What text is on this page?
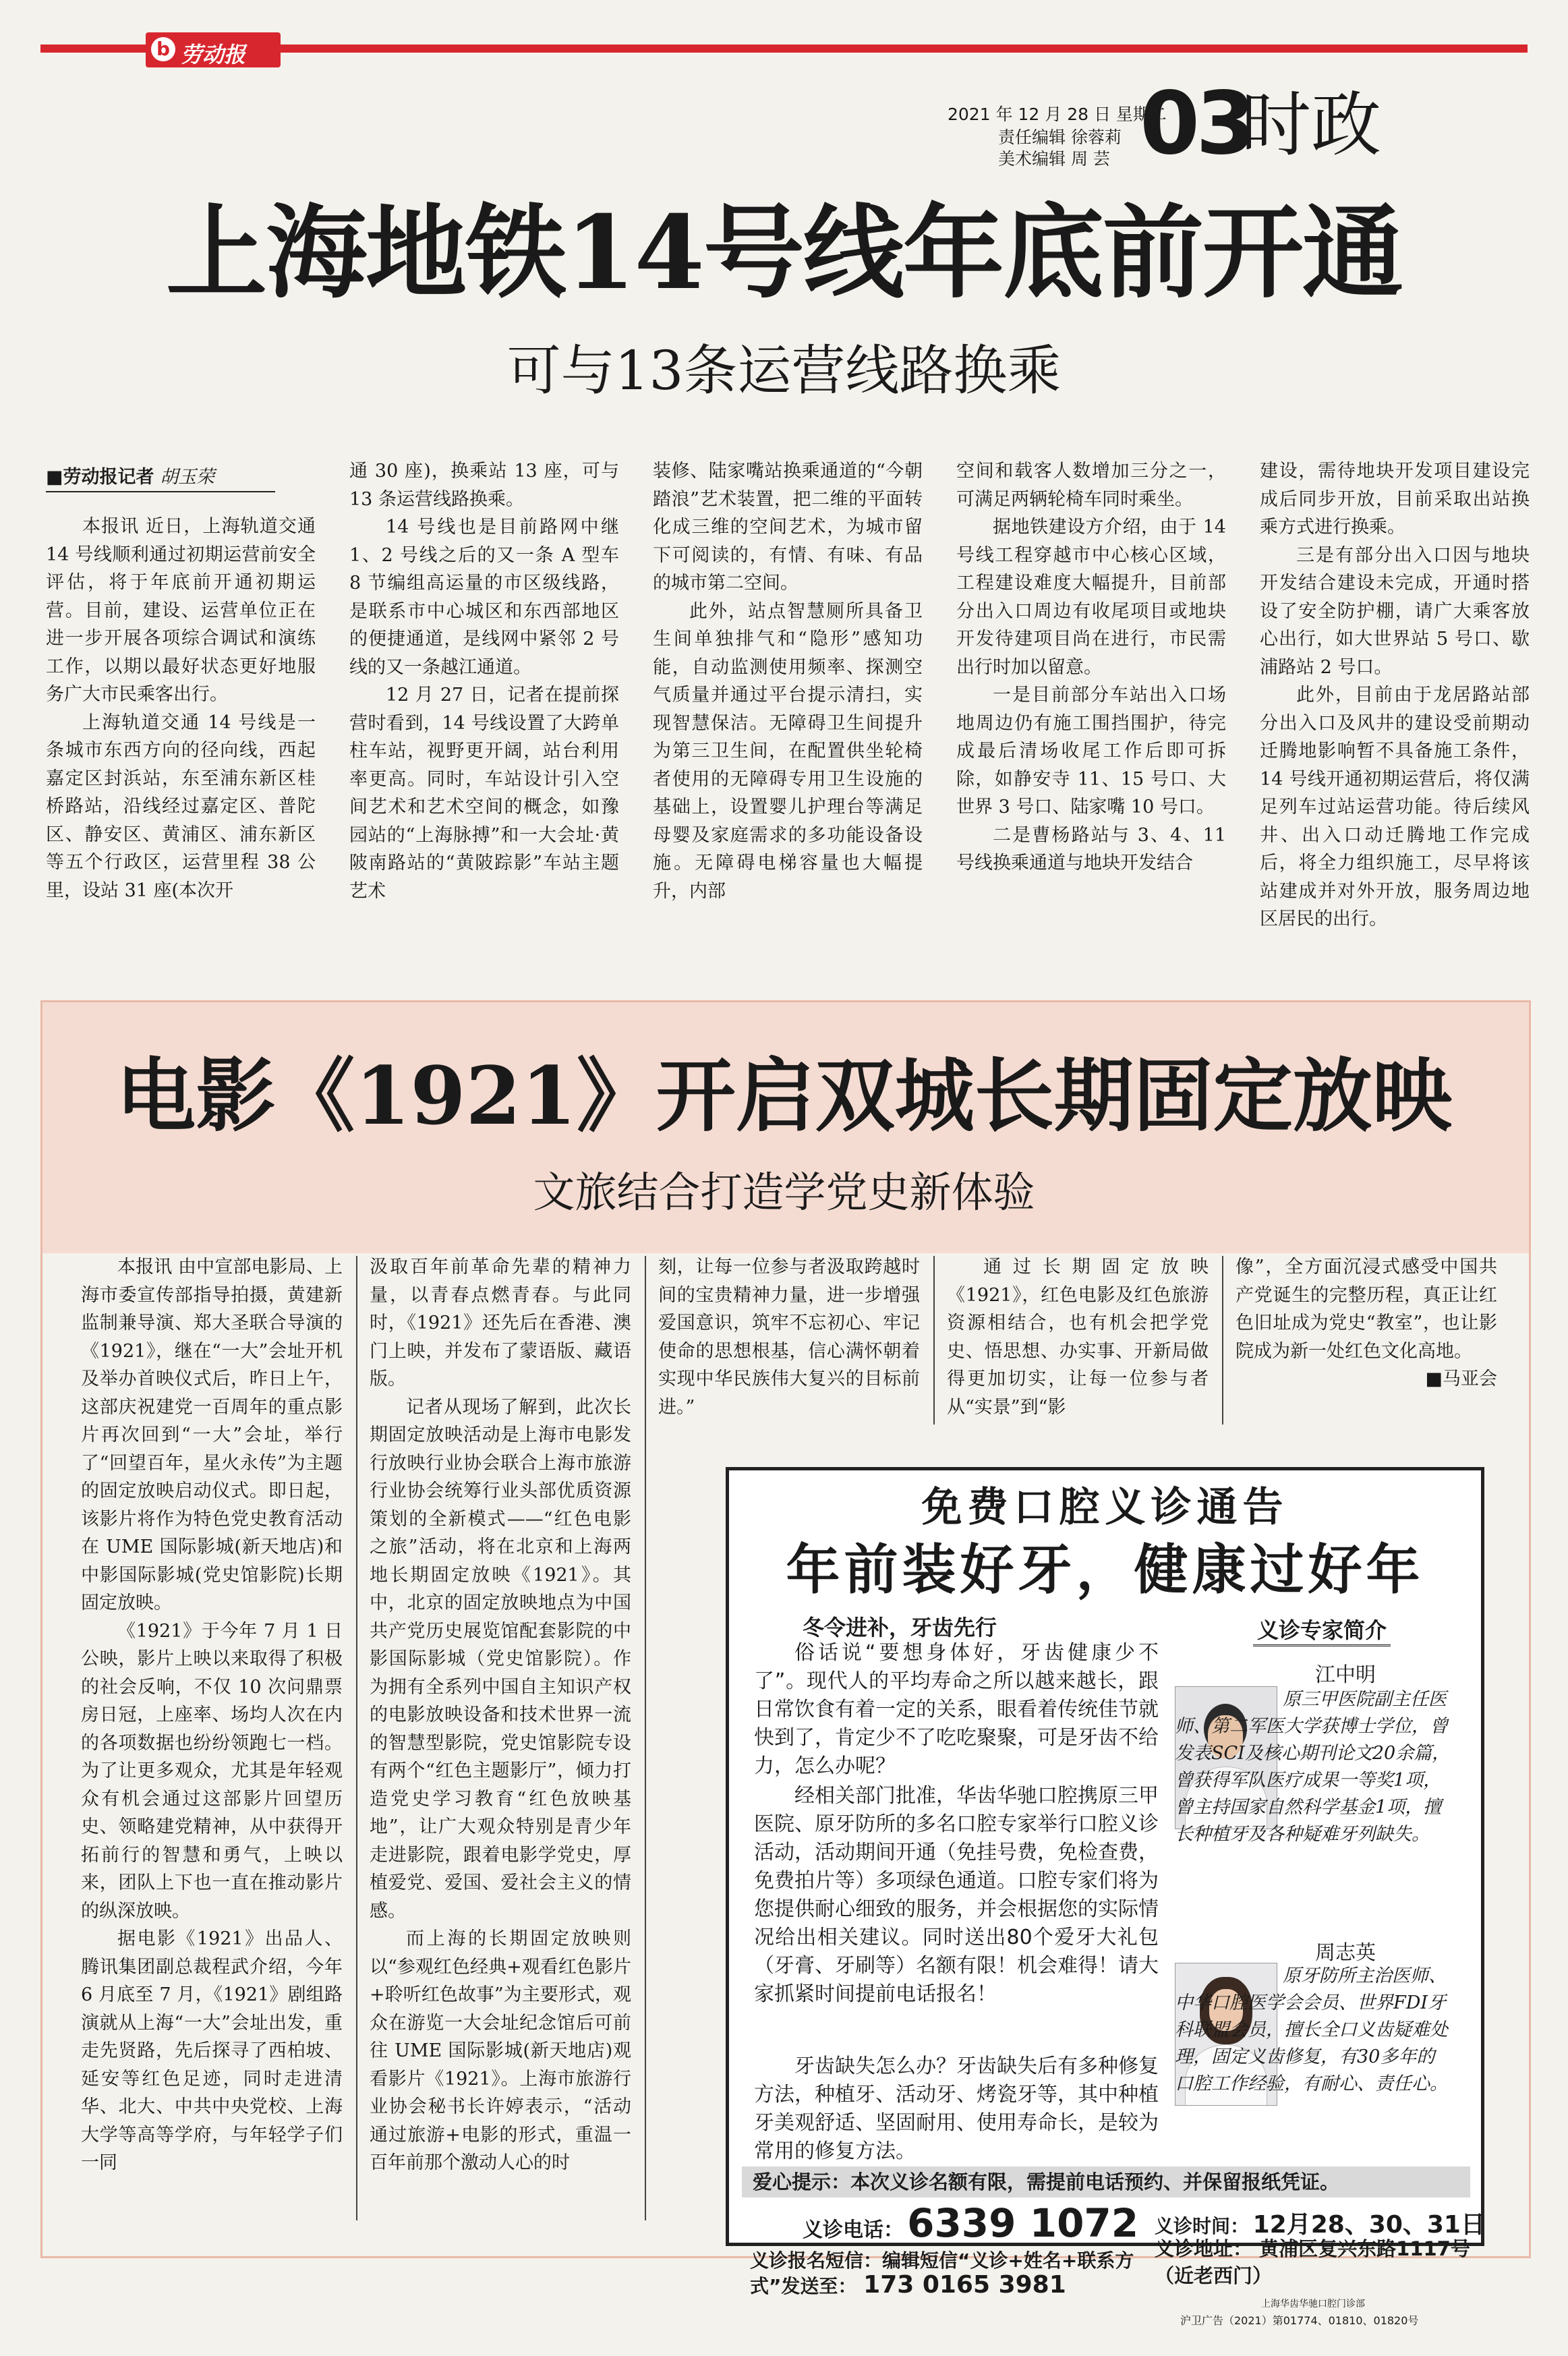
b 劳动报
2021 年 12 月 28 日 星期二
责任编辑 徐蓉莉
美术编辑 周 芸 03
时政
上海地铁14号线年底前开通
可与13条运营线路换乘
■劳动报记者 胡玉荣

本报讯 近日，上海轨道交通 14 号线顺利通过初期运营前安全评估，将于年底前开通初期运营。目前，建设、运营单位正在进一步开展各项综合调试和演练工作，以期以最好状态更好地服务广大市民乘客出行。

上海轨道交通 14 号线是一条城市东西方向的径向线，西起嘉定区封浜站，东至浦东新区桂桥路站，沿线经过嘉定区、普陀区、静安区、黄浦区、浦东新区等五个行政区，运营里程 38 公里，设站 31 座(本次开

通 30 座)，换乘站 13 座，可与 13 条运营线路换乘。

14 号线也是目前路网中继 1、2 号线之后的又一条 A 型车 8 节编组高运量的市区级线路，是联系市中心城区和东西部地区的便捷通道，是线网中紧邻 2 号线的又一条越江通道。

12 月 27 日，记者在提前探营时看到，14 号线设置了大跨单柱车站，视野更开阔，站台利用率更高。同时，车站设计引入空间艺术和艺术空间的概念，如豫园站的“上海脉搏”和一大会址·黄陂南路站的“黄陂踪影”车站主题艺术

装修、陆家嘴站换乘通道的“今朝踏浪”艺术装置，把二维的平面转化成三维的空间艺术，为城市留下可阅读的，有情、有味、有品的城市第二空间。

此外，站点智慧厕所具备卫生间单独排气和“隐形”感知功能，自动监测使用频率、探测空气质量并通过平台提示清扫，实现智慧保洁。无障碍卫生间提升为第三卫生间，在配置供坐轮椅者使用的无障碍专用卫生设施的基础上，设置婴儿护理台等满足母婴及家庭需求的多功能设备设施。无障碍电梯容量也大幅提升，内部

空间和载客人数增加三分之一，可满足两辆轮椅车同时乘坐。

据地铁建设方介绍，由于 14 号线工程穿越市中心核心区域，工程建设难度大幅提升，目前部分出入口周边有收尾项目或地块开发待建项目尚在进行，市民需出行时加以留意。

一是目前部分车站出入口场地周边仍有施工围挡围护，待完成最后清场收尾工作后即可拆除，如静安寺 11、15 号口、大世界 3 号口、陆家嘴 10 号口。

二是曹杨路站与 3、4、11 号线换乘通道与地块开发结合

建设，需待地块开发项目建设完成后同步开放，目前采取出站换乘方式进行换乘。

三是有部分出入口因与地块开发结合建设未完成，开通时搭设了安全防护棚，请广大乘客放心出行，如大世界站 5 号口、歇浦路站 2 号口。

此外，目前由于龙居路站部分出入口及风井的建设受前期动迁腾地影响暂不具备施工条件，14 号线开通初期运营后，将仅满足列车过站运营功能。待后续风井、出入口动迁腾地工作完成后，将全力组织施工，尽早将该站建成并对外开放，服务周边地区居民的出行。

电影《1921》开启双城长期固定放映
文旅结合打造学党史新体验

本报讯 由中宣部电影局、上海市委宣传部指导拍摄，黄建新监制兼导演、郑大圣联合导演的《1921》，继在“一大”会址开机及举办首映仪式后，昨日上午，这部庆祝建党一百周年的重点影片再次回到“一大”会址，举行了“回望百年，星火永传”为主题的固定放映启动仪式。即日起，该影片将作为特色党史教育活动在 UME 国际影城(新天地店)和中影国际影城(党史馆影院)长期固定放映。

《1921》于今年 7 月 1 日公映，影片上映以来取得了积极的社会反响，不仅 10 次问鼎票房日冠，上座率、场均人次在内的各项数据也纷纷领跑七一档。为了让更多观众，尤其是年轻观众有机会通过这部影片回望历史、领略建党精神，从中获得开拓前行的智慧和勇气，上映以来，团队上下也一直在推动影片的纵深放映。

据电影《1921》出品人、腾讯集团副总裁程武介绍，今年 6 月底至 7 月，《1921》剧组路演就从上海“一大”会址出发，重走先贤路，先后探寻了西柏坡、延安等红色足迹，同时走进清华、北大、中共中央党校、上海大学等高等学府，与年轻学子们一同

汲取百年前革命先辈的精神力量，以青春点燃青春。与此同时，《1921》还先后在香港、澳门上映，并发布了蒙语版、藏语版。

记者从现场了解到，此次长期固定放映活动是上海市电影发行放映行业协会联合上海市旅游行业协会统筹行业头部优质资源策划的全新模式——“红色电影之旅”活动，将在北京和上海两地长期固定放映《1921》。其中，北京的固定放映地点为中国共产党历史展览馆配套影院的中影国际影城（党史馆影院）。作为拥有全系列中国自主知识产权的电影放映设备和技术世界一流的智慧型影院，党史馆影院专设有两个“红色主题影厅”，倾力打造党史学习教育“红色放映基地”，让广大观众特别是青少年走进影院，跟着电影学党史，厚植爱党、爱国、爱社会主义的情感。

而上海的长期固定放映则以“参观红色经典+观看红色影片+聆听红色故事”为主要形式，观众在游览一大会址纪念馆后可前往 UME 国际影城(新天地店)观看影片《1921》。上海市旅游行业协会秘书长许婷表示，“活动通过旅游+电影的形式，重温一百年前那个激动人心的时

刻，让每一位参与者汲取跨越时间的宝贵精神力量，进一步增强爱国意识，筑牢不忘初心、牢记使命的思想根基，信心满怀朝着实现中华民族伟大复兴的目标前进。”

通过长期固定放映《1921》，红色电影及红色旅游资源相结合，也有机会把学党史、悟思想、办实事、开新局做得更加切实，让每一位参与者从“实景”到“影

像”，全方面沉浸式感受中国共产党诞生的完整历程，真正让红色旧址成为党史“教室”，也让影院成为新一处红色文化高地。

■马亚会

免费口腔义诊通告
年前装好牙，健康过好年
冬令进补，牙齿先行

俗话说“要想身体好，牙齿健康少不了”。现代人的平均寿命之所以越来越长，跟日常饮食有着一定的关系，眼看着传统佳节就快到了，肯定少不了吃吃聚聚，可是牙齿不给力，怎么办呢？

经相关部门批准，华齿华驰口腔携原三甲医院、原牙防所的多名口腔专家举行口腔义诊活动，活动期间开通（免挂号费，免检查费，免费拍片等）多项绿色通道。口腔专家们将为您提供耐心细致的服务，并会根据您的实际情况给出相关建议。同时送出80个爱牙大礼包（牙膏、牙刷等）名额有限！机会难得！请大家抓紧时间提前电话报名！

牙齿缺失怎么办？牙齿缺失后有多种修复方法，种植牙、活动牙、烤瓷牙等，其中种植牙美观舒适、坚固耐用、使用寿命长，是较为常用的修复方法。
义诊专家简介
江中明
原三甲医院副主任医师、第二军医大学获博士学位，曾发表SCI及核心期刊论文20余篇，曾获得军队医疗成果一等奖1项，曾主持国家自然科学基金1项，擅长种植牙及各种疑难牙列缺失。
周志英
原牙防所主治医师、中华口腔医学会会员、世界FDI牙科联盟会员，擅长全口义齿疑难处理，固定义齿修复，有30多年的口腔工作经验，有耐心、责任心。
爱心提示：本次义诊名额有限，需提前电话预约、并保留报纸凭证。
义诊电话： 6339 1072
义诊报名短信：编辑短信“义诊+姓名+联系方式”发送至： 173 0165 3981
义诊时间： 12月28、30、31日
义诊地址： 黄浦区复兴东路1117号（近老西门）
上海华齿华驰口腔门诊部
沪卫广告（2021）第01774、01810、01820号
